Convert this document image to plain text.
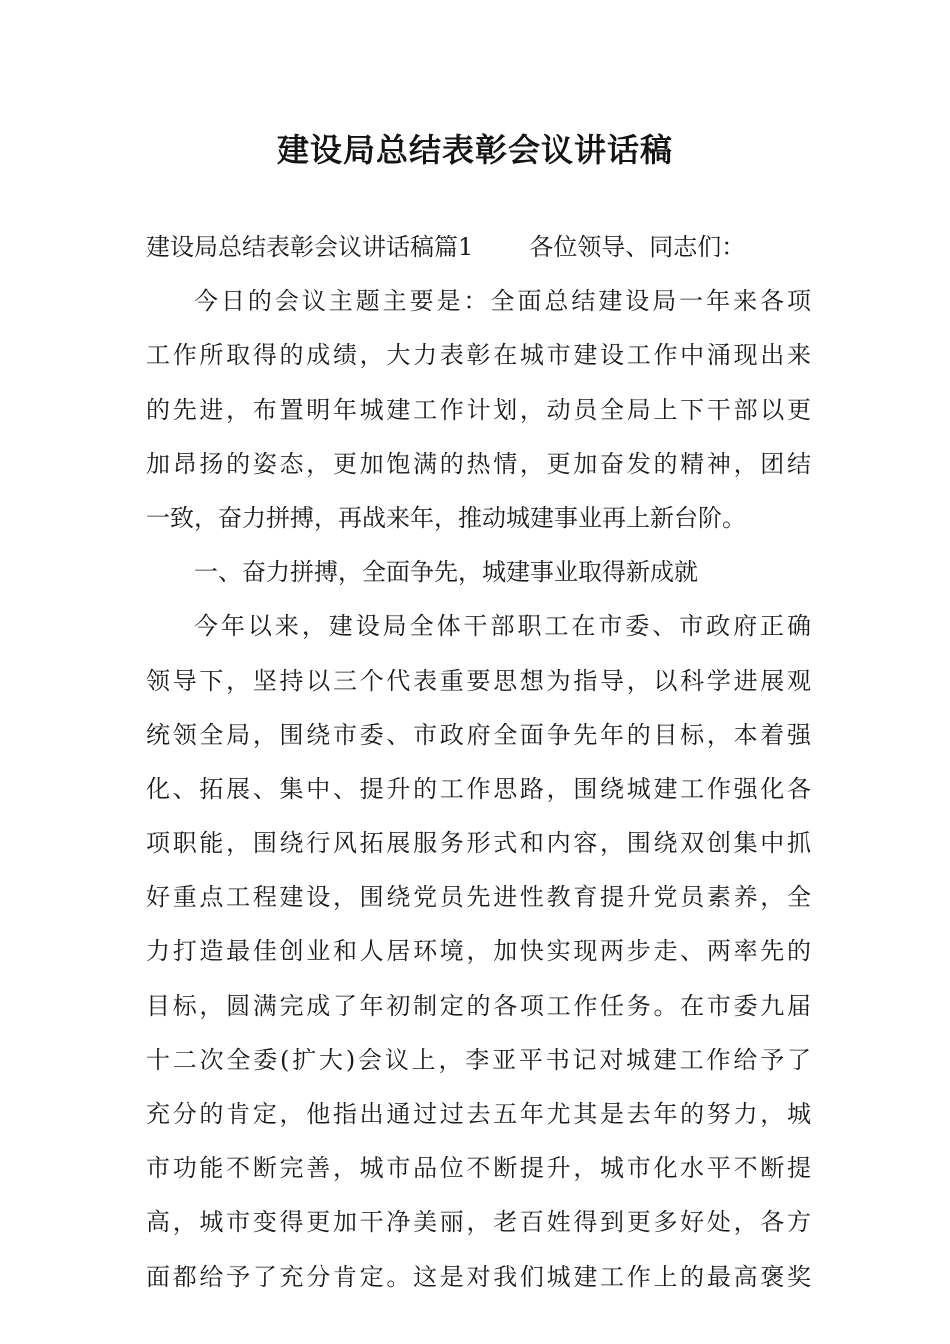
建设局总结表彰会议讲话稿
建设局总结表彰会议讲话稿篇1 各位领导、同志们：
今日的会议主题主要是：全面总结建设局一年来各项
工作所取得的成绩，大力表彰在城市建设工作中涌现出来
的先进，布置明年城建工作计划，动员全局上下干部以更
加昂扬的姿态，更加饱满的热情，更加奋发的精神，团结
一致，奋力拼搏，再战来年，推动城建事业再上新台阶。
一、奋力拼搏，全面争先，城建事业取得新成就
今年以来，建设局全体干部职工在市委、市政府正确
领导下，坚持以三个代表重要思想为指导，以科学进展观
统领全局，围绕市委、市政府全面争先年的目标，本着强
化、拓展、集中、提升的工作思路，围绕城建工作强化各
项职能，围绕行风拓展服务形式和内容，围绕双创集中抓
好重点工程建设，围绕党员先进性教育提升党员素养，全
力打造最佳创业和人居环境，加快实现两步走、两率先的
目标，圆满完成了年初制定的各项工作任务。在市委九届
十二次全委(扩大)会议上，李亚平书记对城建工作给予了
充分的肯定，他指出通过过去五年尤其是去年的努力，城
市功能不断完善，城市品位不断提升，城市化水平不断提
高，城市变得更加干净美丽，老百姓得到更多好处，各方
面都给予了充分肯定。这是对我们城建工作上的最高褒奖
